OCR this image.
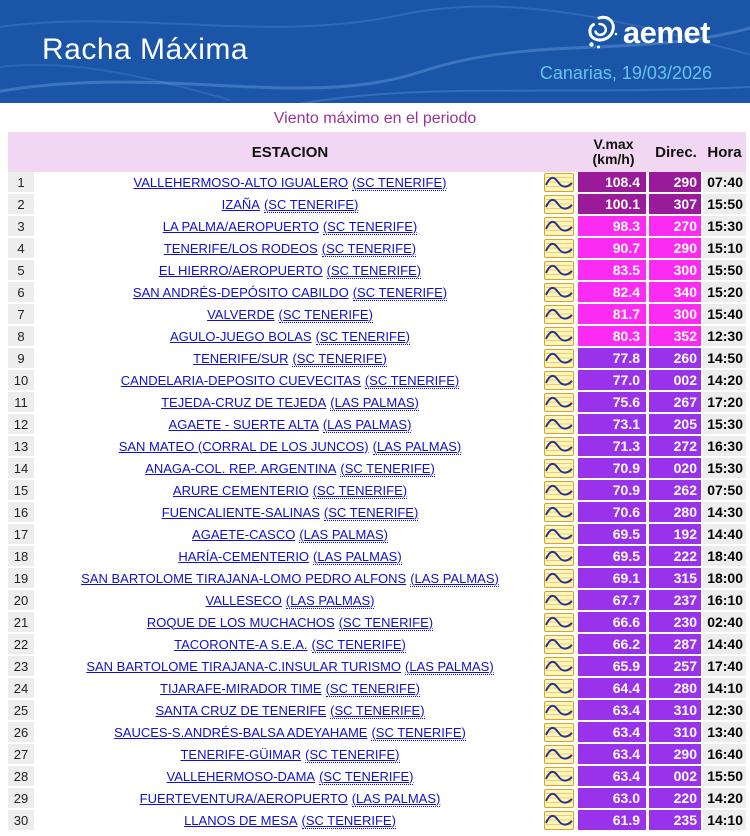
Racha Máxima	aemet
Canarias, 19/03/2026
Viento máximo en el periodo
ESTACION	V.max
(km/h)	Direc. Hora
1	VALLEHERMOSO-ALTO IGUALERO (SC TENERIFE)	108.4	290 07:40
2	IZAÑA (SC TENERIFE)	100.1	307 15:50
3	LA PALMA/AEROPUERTO (SC TENERIFE)	98.3	270 15:30
4	TENERIFE/LOS RODEOS (SC TENERIFE)	90.7	290 15:10
5	EL HIERRO/AEROPUERTO (SC TENERIFE)	83.5	300 15:50
6	SAN ANDRÉS-DEPÓSITO CABILDO (SC TENERIFE)	82.4	340 15:20
7	VALVERDE (SC TENERIFE)	81.7	300 15:40
8	AGULO-JUEGO BOLAS (SC TENERIFE)	80.3	352 12:30
9	TENERIFE/SUR (SC TENERIFE)	77.8	260 14:50
10	CANDELARIA-DEPOSITO CUEVECITAS (SC TENERIFE)	77.0	002 14:20
11	TEJEDA-CRUZ DE TEJEDA (LAS PALMAS)	75.6	267 17:20
12	AGAETE - SUERTE ALTA (LAS PALMAS)	73.1	205 15:30
13	SAN MATEO (CORRAL DE LOS JUNCOS) (LAS PALMAS)	71.3	272 16:30
14	ANAGA-COL. REP. ARGENTINA (SC TENERIFE)	70.9	020 15:30
15	ARURE CEMENTERIO (SC TENERIFE)	70.9	262 07:50
16	FUENCALIENTE-SALINAS (SC TENERIFE)	70.6	280 14:30
17	AGAETE-CASCO (LAS PALMAS)	69.5	192 14:40
18	HARÍA-CEMENTERIO (LAS PALMAS)	69.5	222 18:40
19	SAN BARTOLOME TIRAJANA-LOMO PEDRO ALFONS (LAS PALMAS)	69.1	315 18:00
20	VALLESECO (LAS PALMAS)	67.7	237 16:10
21	ROQUE DE LOS MUCHACHOS (SC TENERIFE)	66.6	230 02:40
22	TACORONTE-A S.E.A. (SC TENERIFE)	66.2	287 14:40
23	SAN BARTOLOME TIRAJANA-C.INSULAR TURISMO (LAS PALMAS)	65.9	257 17:40
24	TIJARAFE-MIRADOR TIME (SC TENERIFE)	64.4	280 14:10
25	SANTA CRUZ DE TENERIFE (SC TENERIFE)	63.4	310 12:30
26	SAUCES-S.ANDRÉS-BALSA ADEYAHAME (SC TENERIFE)	63.4	310 13:40
27	TENERIFE-GÜIMAR (SC TENERIFE)	63.4	290 16:40
28	VALLEHERMOSO-DAMA (SC TENERIFE)	63.4	002 15:50
29	FUERTEVENTURA/AEROPUERTO (LAS PALMAS)	63.0	220 14:20
30	LLANOS DE MESA (SC TENERIFE)	61.9	235 14:10
